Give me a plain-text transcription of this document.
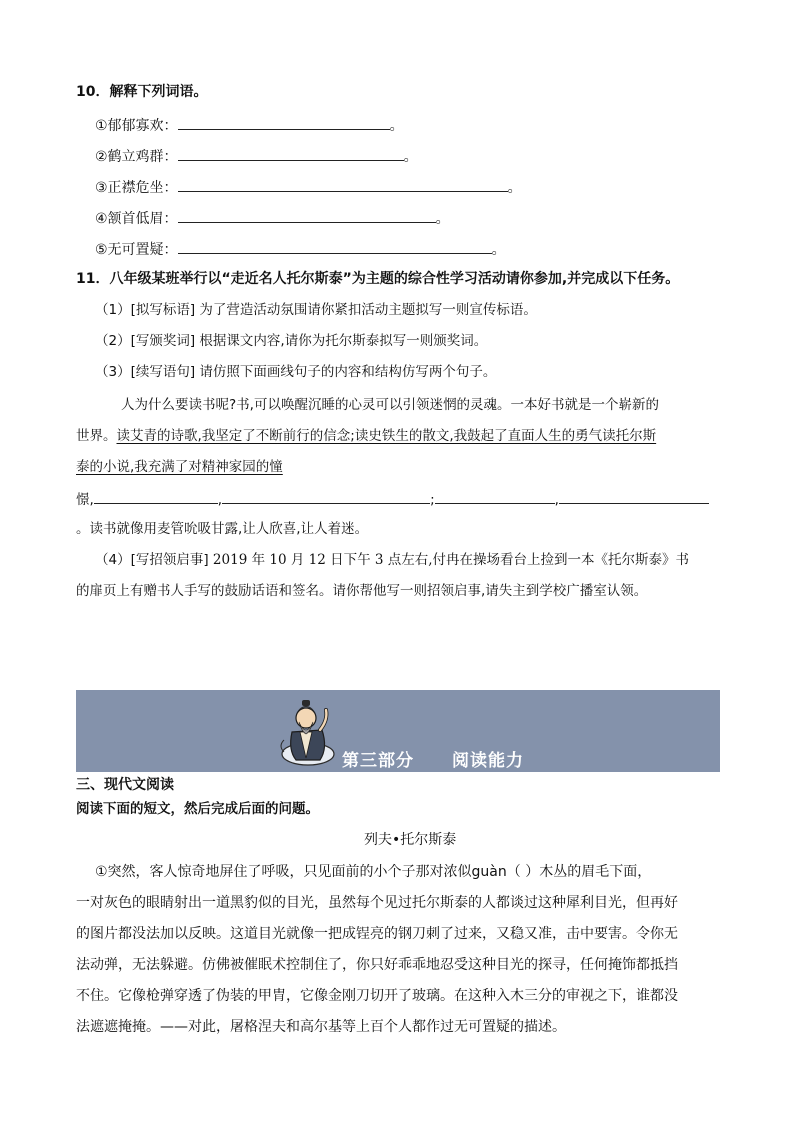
10．解释下列词语。
①郁郁寡欢：	。
②鹤立鸡群：	。
③正襟危坐：	。
④颔首低眉：	。
⑤无可置疑：	。
11．八年级某班举行以“走近名人托尔斯泰”为主题的综合性学习活动请你参加,并完成以下任务。
（1）[拟写标语] 为了营造活动氛围请你紧扣活动主题拟写一则宣传标语。
（2）[写颁奖词] 根据课文内容,请你为托尔斯泰拟写一则颁奖词。
（3）[续写语句] 请仿照下面画线句子的内容和结构仿写两个句子。
人为什么要读书呢?书,可以唤醒沉睡的心灵可以引领迷惘的灵魂。一本好书就是一个崭新的
世界。读艾青的诗歌,我坚定了不断前行的信念;读史铁生的散文,我鼓起了直面人生的勇气读托尔斯
泰的小说,我充满了对精神家园的憧
憬,	,	;	,
。读书就像用麦管吮吸甘露,让人欣喜,让人着迷。
（4）[写招领启事] 2019 年 10 月 12 日下午 3 点左右,付冉在操场看台上捡到一本《托尔斯泰》书
的扉页上有赠书人手写的鼓励话语和签名。请你帮他写一则招领启事,请失主到学校广播室认领。
第三部分 阅读能力
三、现代文阅读
阅读下面的短文，然后完成后面的问题。
列夫•托尔斯泰
①突然，客人惊奇地屏住了呼吸，只见面前的小个子那对浓似guàn（ ）木丛的眉毛下面，
一对灰色的眼睛射出一道黑豹似的目光，虽然每个见过托尔斯泰的人都谈过这种犀利目光，但再好
的图片都没法加以反映。这道目光就像一把成锃亮的钢刀刺了过来，又稳又准，击中要害。令你无
法动弹，无法躲避。仿佛被催眠术控制住了，你只好乖乖地忍受这种目光的探寻，任何掩饰都抵挡
不住。它像枪弹穿透了伪装的甲胄，它像金刚刀切开了玻璃。在这种入木三分的审视之下，谁都没
法遮遮掩掩。——对此，屠格涅夫和高尔基等上百个人都作过无可置疑的描述。
